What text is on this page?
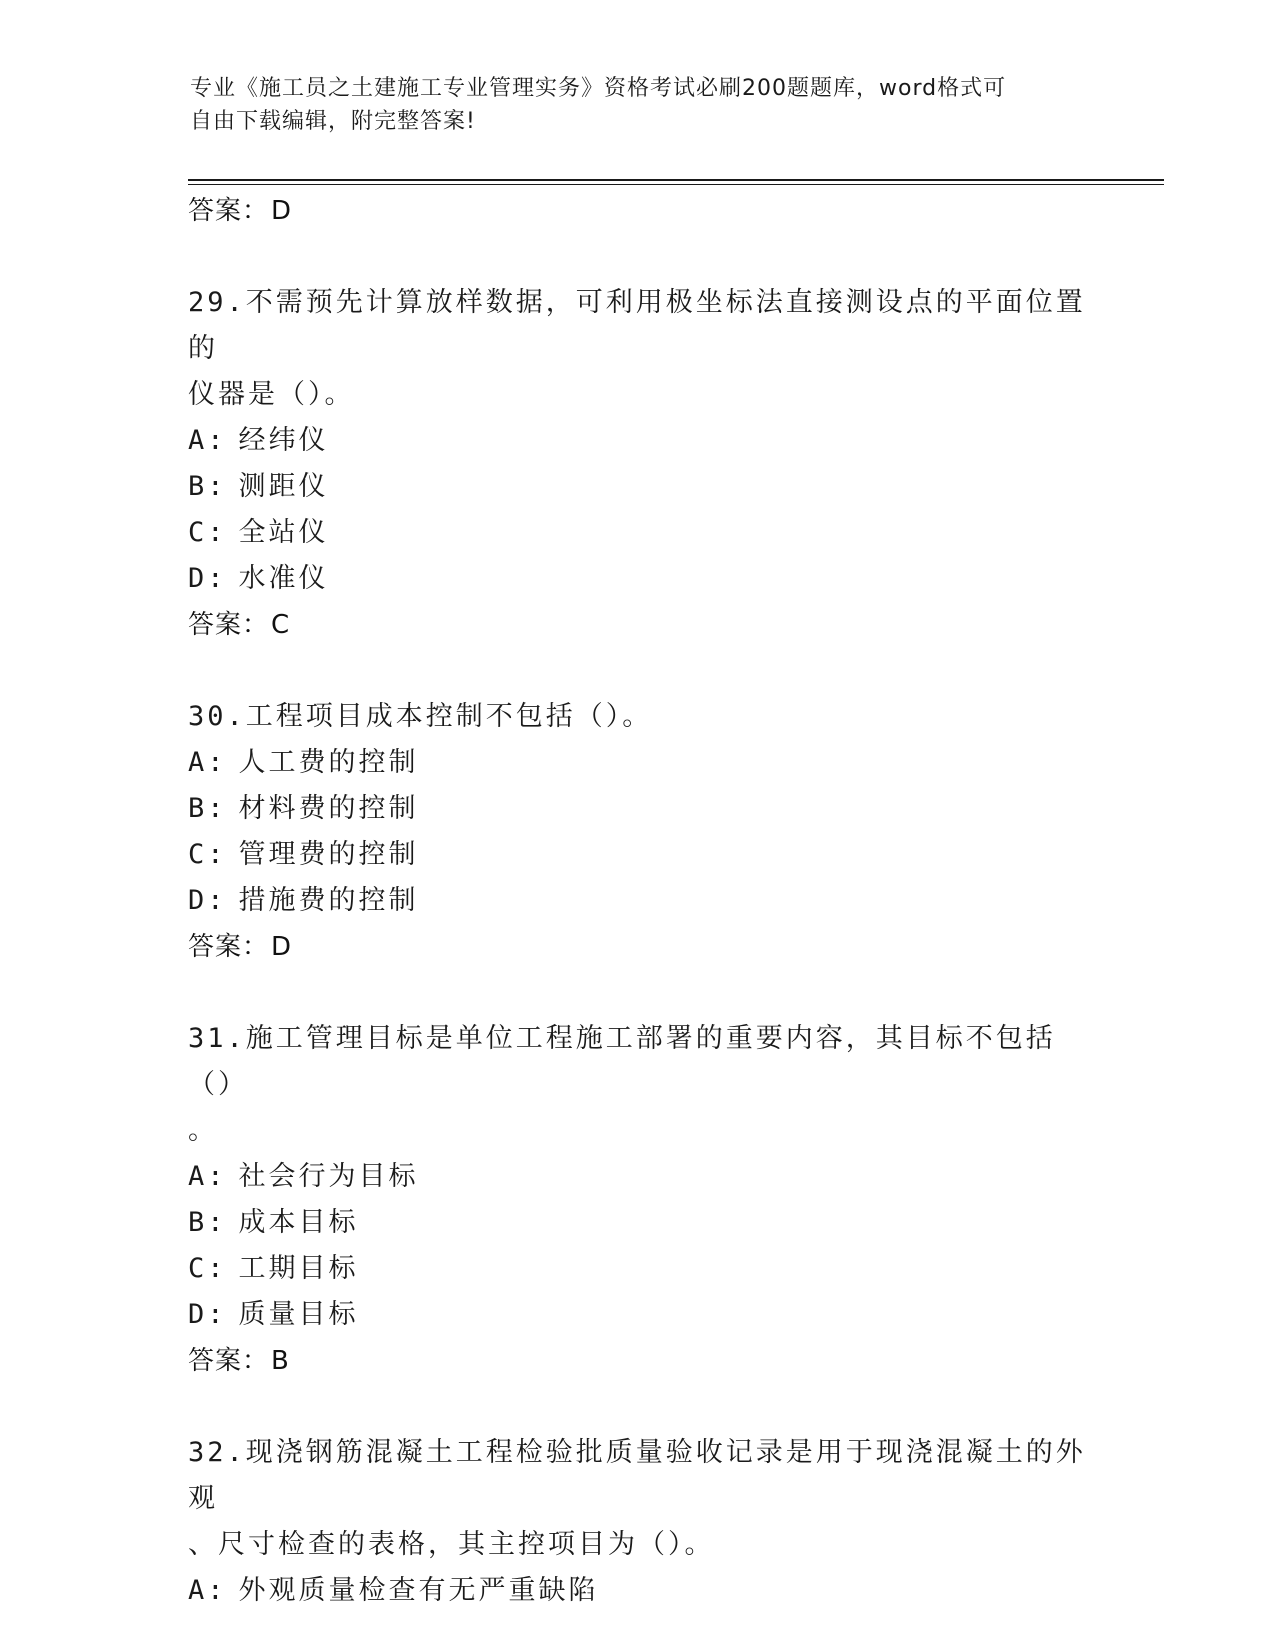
专业《施工员之土建施工专业管理实务》资格考试必刷200题题库，word格式可
自由下载编辑，附完整答案!
答案：D
29.不需预先计算放样数据，可利用极坐标法直接测设点的平面位置的
仪器是（）。
A: 经纬仪
B: 测距仪
C: 全站仪
D: 水准仪
答案：C
30.工程项目成本控制不包括（）。
A: 人工费的控制
B: 材料费的控制
C: 管理费的控制
D: 措施费的控制
答案：D
31.施工管理目标是单位工程施工部署的重要内容，其目标不包括（）
。
A: 社会行为目标
B: 成本目标
C: 工期目标
D: 质量目标
答案：B
32.现浇钢筋混凝土工程检验批质量验收记录是用于现浇混凝土的外观
、尺寸检查的表格，其主控项目为（）。
A: 外观质量检查有无严重缺陷
